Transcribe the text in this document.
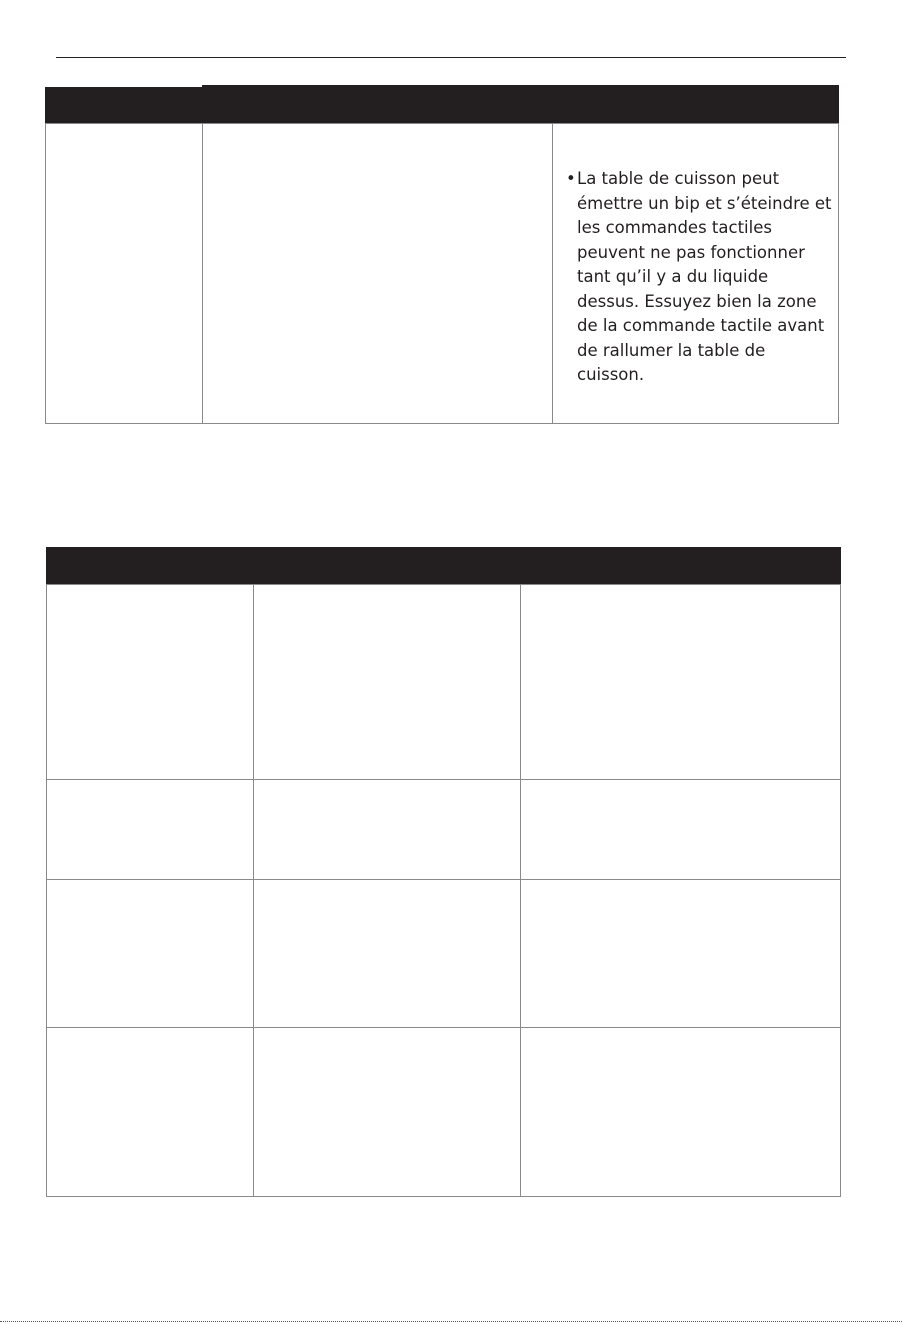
• La table de cuisson peut
émettre un bip et s’éteindre et
les commandes tactiles
peuvent ne pas fonctionner
tant qu’il y a du liquide
dessus. Essuyez bien la zone
de la commande tactile avant
de rallumer la table de
cuisson.
